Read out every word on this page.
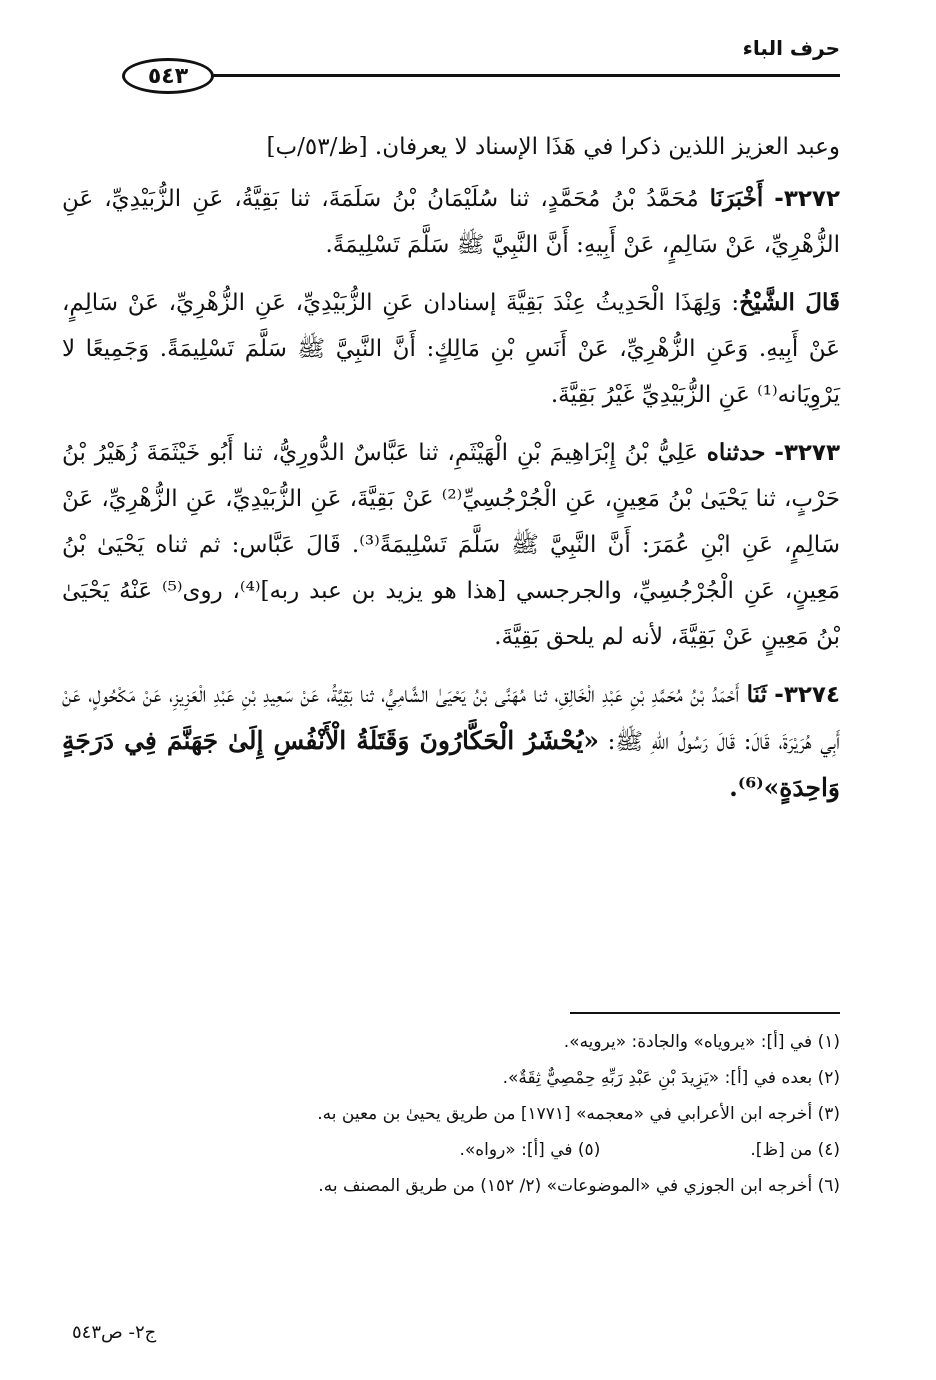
حرف الباء
٥٤٣

وعبد العزيز اللذين ذكرا في هَذَا الإسناد لا يعرفان. [ظ/٥٣/ب]

٣٢٧٢- أَخْبَرَنَا مُحَمَّدُ بْنُ مُحَمَّدٍ، ثنا سُلَيْمَانُ بْنُ سَلَمَةَ، ثنا بَقِيَّةُ، عَنِ الزُّبَيْدِيِّ، عَنِ الزُّهْرِيِّ، عَنْ سَالِمٍ، عَنْ أَبِيهِ: أَنَّ النَّبِيَّ ﷺ سَلَّمَ تَسْلِيمَةً.

قَالَ الشَّيْخُ: وَلِهَذَا الْحَدِيثُ عِنْدَ بَقِيَّةَ إسنادان عَنِ الزُّبَيْدِيِّ، عَنِ الزُّهْرِيِّ، عَنْ سَالِمٍ، عَنْ أَبِيهِ. وَعَنِ الزُّهْرِيِّ، عَنْ أَنَسِ بْنِ مَالِكٍ: أَنَّ النَّبِيَّ ﷺ سَلَّمَ تَسْلِيمَةً. وَجَمِيعًا لا يَرْوِيَانه⁽¹⁾ عَنِ الزُّبَيْدِيِّ غَيْرُ بَقِيَّةَ.

٣٢٧٣- حدثناه عَلِيُّ بْنُ إِبْرَاهِيمَ بْنِ الْهَيْثَمِ، ثنا عَبَّاسٌ الدُّورِيُّ، ثنا أَبُو خَيْثَمَةَ زُهَيْرُ بْنُ حَرْبٍ، ثنا يَحْيَىٰ بْنُ مَعِينٍ، عَنِ الْجُرْجُسِيِّ⁽²⁾ عَنْ بَقِيَّةَ، عَنِ الزُّبَيْدِيِّ، عَنِ الزُّهْرِيِّ، عَنْ سَالِمٍ، عَنِ ابْنِ عُمَرَ: أَنَّ النَّبِيَّ ﷺ سَلَّمَ تَسْلِيمَةً⁽³⁾. قَالَ عَبَّاس: ثم ثناه يَحْيَىٰ بْنُ مَعِينٍ، عَنِ الْجُرْجُسِيِّ، والجرجسي [هذا هو يزيد بن عبد ربه]⁽⁴⁾، روى⁽⁵⁾ عَنْهُ يَحْيَىٰ بْنُ مَعِينٍ عَنْ بَقِيَّةَ، لأنه لم يلحق بَقِيَّةَ.

٣٢٧٤- ثَنَا أَحْمَدُ بْنُ مُحَمَّدِ بْنِ عَبْدِ الْخَالِقِ، ثنا مُهَنَّى بْنُ يَحْيَىٰ الشَّامِيُّ، ثنا بَقِيَّةُ، عَنْ سَعِيدِ بْنِ عَبْدِ الْعَزِيزِ، عَنْ مَكْحُولٍ، عَنْ أَبِي هُرَيْرَةَ، قَالَ: قَالَ رَسُولُ اللهِ ﷺ: «يُحْشَرُ الْحَكَّارُونَ وَقَتَلَةُ الْأَنْفُسِ إِلَىٰ جَهَنَّمَ فِي دَرَجَةٍ وَاحِدَةٍ»⁽⁶⁾.

(١) في [أ]: «يروياه» والجادة: «يرويه».
(٢) بعده في [أ]: «يَزِيدَ بْنِ عَبْدِ رَبِّهِ حِمْصِيٌّ ثِقَةٌ».
(٣) أخرجه ابن الأعرابي في «معجمه» [١٧٧١] من طريق يحيىٰ بن معين به.
(٤) من [ظ].
(٥) في [أ]: «رواه».
(٦) أخرجه ابن الجوزي في «الموضوعات» (٢/ ١٥٢) من طريق المصنف به.
ج٢- ص٥٤٣
